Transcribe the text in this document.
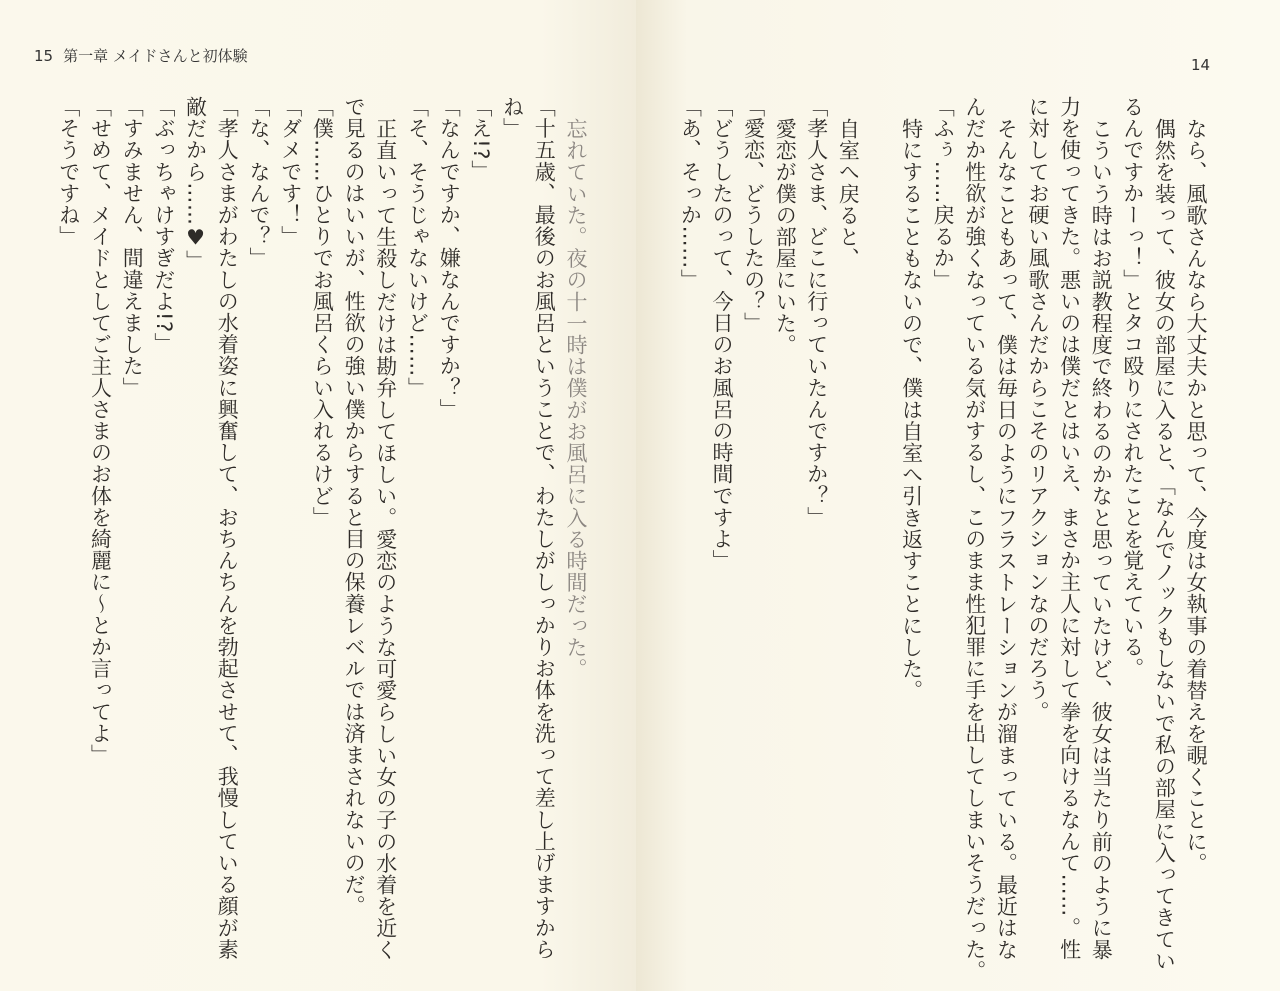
15 第一章 メイドさんと初体験
忘れていた。夜の十一時は僕がお風呂に入る時間だった。
「十五歳、最後のお風呂ということで、わたしがしっかりお体を洗って差し上げますから
ね」
「え!?」
「なんですか、嫌なんですか？」
「そ、そうじゃないけど……」
正直いって生殺しだけは勘弁してほしい。愛恋のような可愛らしい女の子の水着を近く
で見るのはいいが、性欲の強い僕からすると目の保養レベルでは済まされないのだ。
「僕……ひとりでお風呂くらい入れるけど」
「ダメです！」
「な、なんで？」
「孝人さまがわたしの水着姿に興奮して、おちんちんを勃起させて、我慢している顔が素
敵だから……♥」
「ぶっちゃけすぎだよ!?」
「すみません、間違えました」
「せめて、メイドとしてご主人さまのお体を綺麗に～とか言ってよ」
「そうですね」	なら、風歌さんなら大丈夫かと思って、今度は女執事の着替えを覗くことに。
偶然を装って、彼女の部屋に入ると、「なんでノックもしないで私の部屋に入ってきてい
るんですかーっ！」とタコ殴りにされたことを覚えている。
こういう時はお説教程度で終わるのかなと思っていたけど、彼女は当たり前のように暴
力を使ってきた。悪いのは僕だとはいえ、まさか主人に対して拳を向けるなんて……。性
に対してお硬い風歌さんだからこそのリアクションなのだろう。
そんなこともあって、僕は毎日のようにフラストレーションが溜まっている。最近はな
んだか性欲が強くなっている気がするし、このまま性犯罪に手を出してしまいそうだった。
「ふぅ……戻るか」
特にすることもないので、僕は自室へ引き返すことにした。
自室へ戻ると、
「孝人さま、どこに行っていたんですか？」
愛恋が僕の部屋にいた。
「愛恋、どうしたの？」
「どうしたのって、今日のお風呂の時間ですよ」
「あ、そっか……」
14
